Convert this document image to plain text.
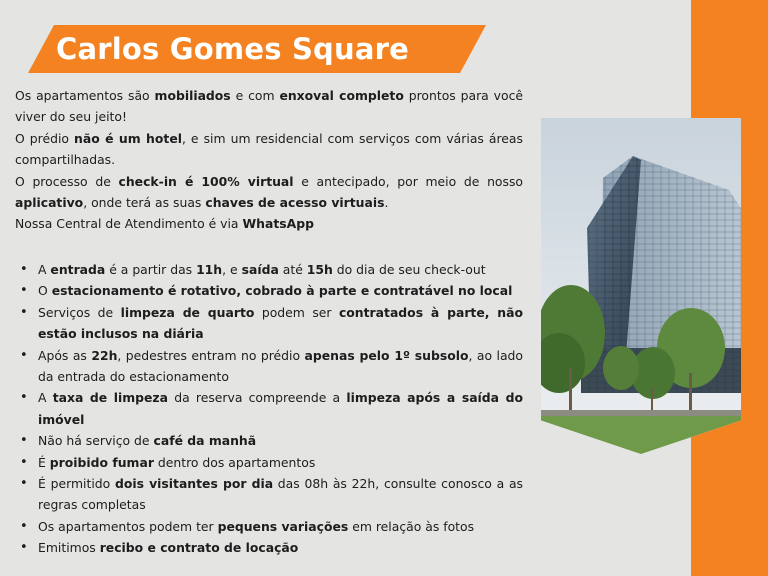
Carlos Gomes Square

Os apartamentos são mobiliados e com enxoval completo prontos para você viver do seu jeito!

O prédio não é um hotel, e sim um residencial com serviços com várias áreas compartilhadas.

O processo de check-in é 100% virtual e antecipado, por meio de nosso aplicativo, onde terá as suas chaves de acesso virtuais.

Nossa Central de Atendimento é via WhatsApp

• A entrada é a partir das 11h, e saída até 15h do dia de seu check-out
• O estacionamento é rotativo, cobrado à parte e contratável no local
• Serviços de limpeza de quarto podem ser contratados à parte, não estão inclusos na diária
• Após as 22h, pedestres entram no prédio apenas pelo 1º subsolo, ao lado da entrada do estacionamento
• A taxa de limpeza da reserva compreende a limpeza após a saída do imóvel
• Não há serviço de café da manhã
• É proibido fumar dentro dos apartamentos
• É permitido dois visitantes por dia das 08h às 22h, consulte conosco a as regras completas
• Os apartamentos podem ter pequens variações em relação às fotos
• Emitimos recibo e contrato de locação
